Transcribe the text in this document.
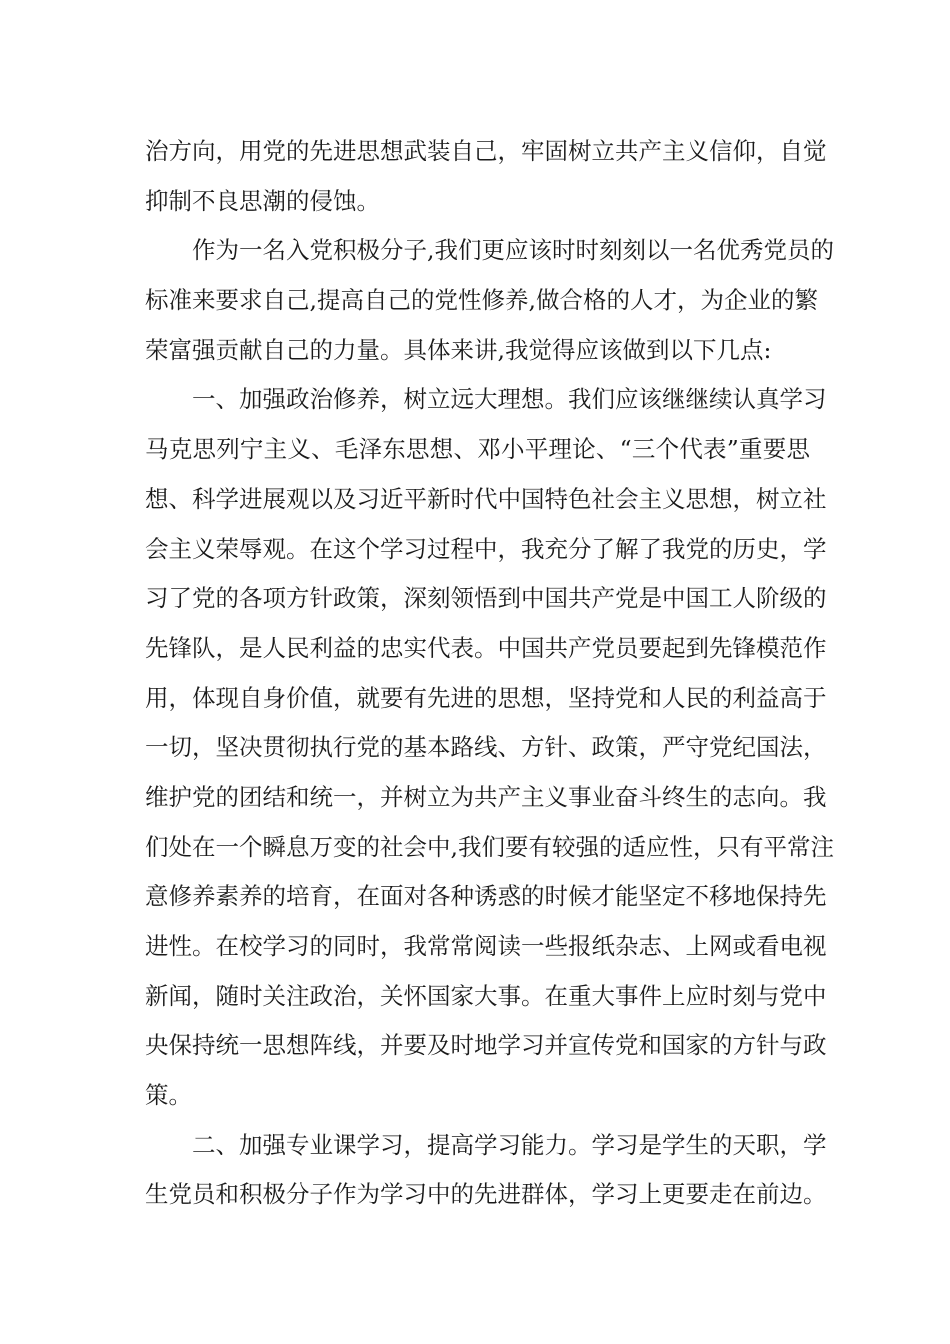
治方向，用党的先进思想武装自己，牢固树立共产主义信仰，自觉
抑制不良思潮的侵蚀。
作为一名入党积极分子,我们更应该时时刻刻以一名优秀党员的
标准来要求自己,提高自己的党性修养,做合格的人才，为企业的繁
荣富强贡献自己的力量。具体来讲,我觉得应该做到以下几点:
一、加强政治修养，树立远大理想。我们应该继继续认真学习
马克思列宁主义、毛泽东思想、邓小平理论、“三个代表”重要思
想、科学进展观以及习近平新时代中国特色社会主义思想，树立社
会主义荣辱观。在这个学习过程中，我充分了解了我党的历史，学
习了党的各项方针政策，深刻领悟到中国共产党是中国工人阶级的
先锋队，是人民利益的忠实代表。中国共产党员要起到先锋模范作
用，体现自身价值，就要有先进的思想，坚持党和人民的利益高于
一切，坚决贯彻执行党的基本路线、方针、政策，严守党纪国法，
维护党的团结和统一，并树立为共产主义事业奋斗终生的志向。我
们处在一个瞬息万变的社会中,我们要有较强的适应性，只有平常注
意修养素养的培育，在面对各种诱惑的时候才能坚定不移地保持先
进性。在校学习的同时，我常常阅读一些报纸杂志、上网或看电视
新闻，随时关注政治，关怀国家大事。在重大事件上应时刻与党中
央保持统一思想阵线，并要及时地学习并宣传党和国家的方针与政
策。
二、加强专业课学习，提高学习能力。学习是学生的天职，学
生党员和积极分子作为学习中的先进群体，学习上更要走在前边。
